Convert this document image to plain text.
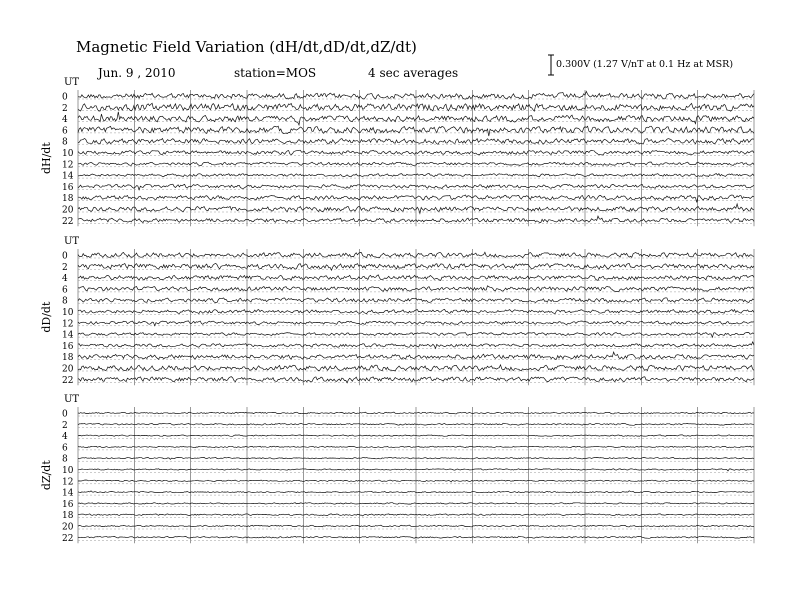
Magnetic Field Variation (dH/dt,dD/dt,dZ/dt)
Jun. 9 , 2010	station=MOS	4 sec averages
0.300V (1.27 V/nT at 0.1 Hz at MSR)
UT
dH/dt
0
2
4
6
8
10
12
14
16
18
20
22
UT
dD/dt
0
2
4
6
8
10
12
14
16
18
20
22
UT
dZ/dt
0
2
4
6
8
10
12
14
16
18
20
22
